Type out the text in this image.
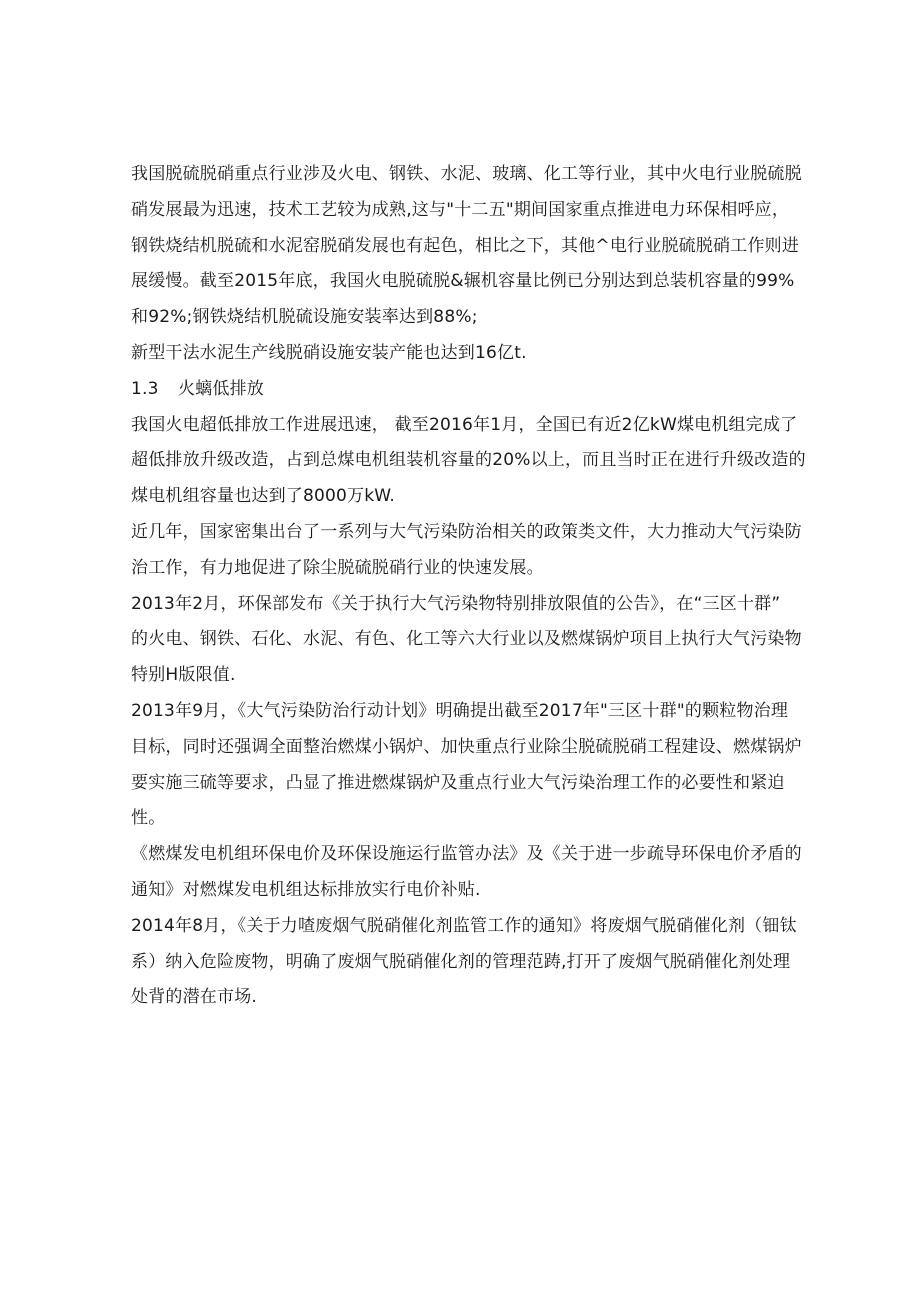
我国脱硫脱硝重点行业涉及火电、钢铁、水泥、玻璃、化工等行业，其中火电行业脱硫脱
硝发展最为迅速，技术工艺较为成熟,这与"十二五"期间国家重点推进电力环保相呼应，
钢铁烧结机脱硫和水泥窑脱硝发展也有起色，相比之下，其他^电行业脱硫脱硝工作则进
展缓慢。截至2015年底，我国火电脱硫脱&辗机容量比例已分别达到总装机容量的99%
和92%;钢铁烧结机脱硫设施安装率达到88%;
新型干法水泥生产线脱硝设施安装产能也达到16亿t.
1.3 火螭低排放
我国火电超低排放工作进展迅速， 截至2016年1月，全国已有近2亿kW煤电机组完成了
超低排放升级改造，占到总煤电机组装机容量的20%以上，而且当时正在进行升级改造的
煤电机组容量也达到了8000万kW.
近几年，国家密集出台了一系列与大气污染防治相关的政策类文件，大力推动大气污染防
治工作，有力地促进了除尘脱硫脱硝行业的快速发展。
2013年2月，环保部发布《关于执行大气污染物特别排放限值的公告》，在“三区十群”
的火电、钢铁、石化、水泥、有色、化工等六大行业以及燃煤锅炉项目上执行大气污染物
特别H版限值.
2013年9月，《大气污染防治行动计划》明确提出截至2017年"三区十群"的颗粒物治理
目标，同时还强调全面整治燃煤小锅炉、加快重点行业除尘脱硫脱硝工程建设、燃煤锅炉
要实施三硫等要求，凸显了推进燃煤锅炉及重点行业大气污染治理工作的必要性和紧迫
性。
《燃煤发电机组环保电价及环保设施运行监管办法》及《关于进一步疏导环保电价矛盾的
通知》对燃煤发电机组达标排放实行电价补贴.
2014年8月，《关于力喳废烟气脱硝催化剂监管工作的通知》将废烟气脱硝催化剂（钿钛
系）纳入危险废物，明确了废烟气脱硝催化剂的管理范踌,打开了废烟气脱硝催化剂处理
处背的潜在市场.
